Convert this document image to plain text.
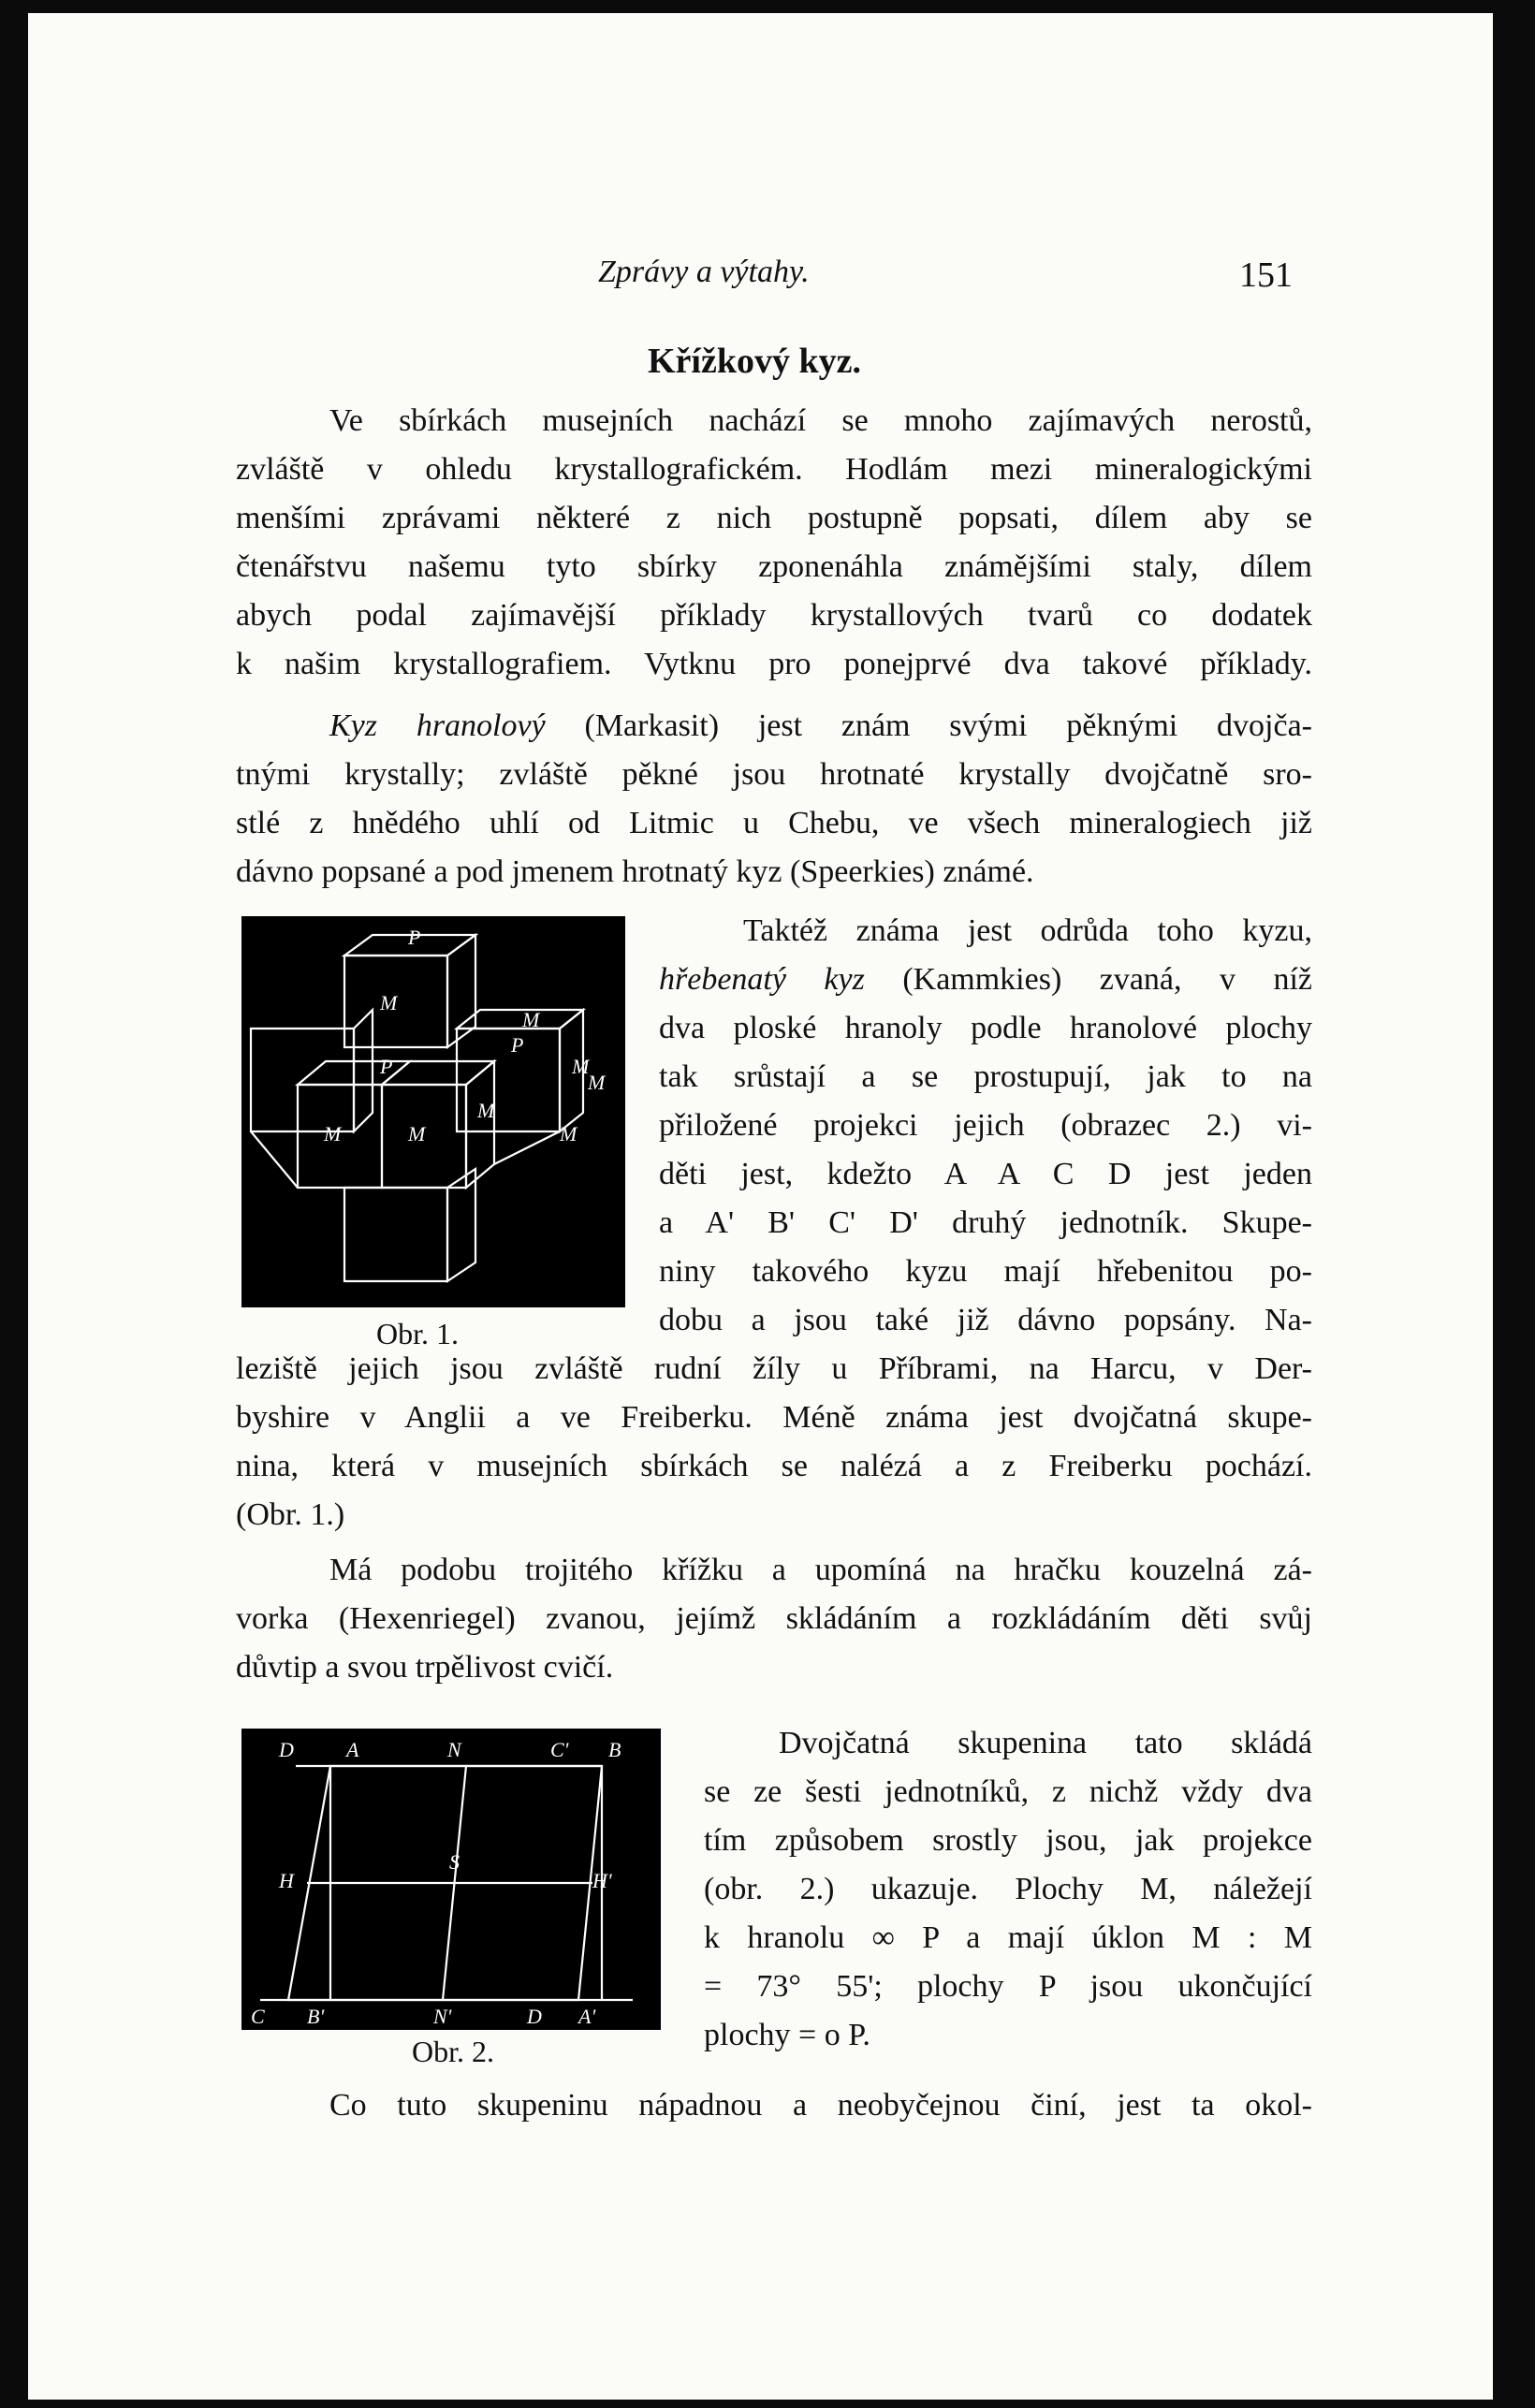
Zprávy a výtahy.	151
Křížkový kyz.
Ve sbírkách musejních nachází se mnoho zajímavých nerostů,
zvláště v ohledu krystallografickém. Hodlám mezi mineralogickými
menšími zprávami některé z nich postupně popsati, dílem aby se
čtenářstvu našemu tyto sbírky zponenáhla známějšími staly, dílem
abych podal zajímavější příklady krystallových tvarů co dodatek
k našim krystallografiem. Vytknu pro ponejprvé dva takové příklady.
Kyz hranolový (Markasit) jest znám svými pěknými dvojča-
tnými krystally; zvláště pěkné jsou hrotnaté krystally dvojčatně sro-
stlé z hnědého uhlí od Litmic u Chebu, ve všech mineralogiech již
dávno popsané a pod jmenem hrotnatý kyz (Speerkies) známé.
Taktéž známa jest odrůda toho kyzu,
hřebenatý kyz (Kammkies) zvaná, v níž
dva ploské hranoly podle hranolové plochy
tak srůstají a se prostupují, jak to na
přiložené projekci jejich (obrazec 2.) vi-
děti jest, kdežto A A C D jest jeden
a A' B' C' D' druhý jednotník. Skupe-
niny takového kyzu mají hřebenitou po-
dobu a jsou také již dávno popsány. Na-
leziště jejich jsou zvláště rudní žíly u Příbrami, na Harcu, v Der-
byshire v Anglii a ve Freiberku. Méně známa jest dvojčatná skupe-
nina, která v musejních sbírkách se nalézá a z Freiberku pochází.
(Obr. 1.)
Má podobu trojitého křížku a upomíná na hračku kouzelná zá-
vorka (Hexenriegel) zvanou, jejímž skládáním a rozkládáním děti svůj
důvtip a svou trpělivost cvičí.
Dvojčatná skupenina tato skládá
se ze šesti jednotníků, z nichž vždy dva
tím způsobem srostly jsou, jak projekce
(obr. 2.) ukazuje. Plochy M, náležejí
k hranolu ∞ P a mají úklon M : M
= 73° 55'; plochy P jsou ukončující
plochy = o P.
Co tuto skupeninu nápadnou a neobyčejnou činí, jest ta okol-
P
M
M
P
P	M
M
M	M	M
M
Obr. 1.
D	A	N	C' B
H
S
H'
C B'	N'	D A'
Obr. 2.
